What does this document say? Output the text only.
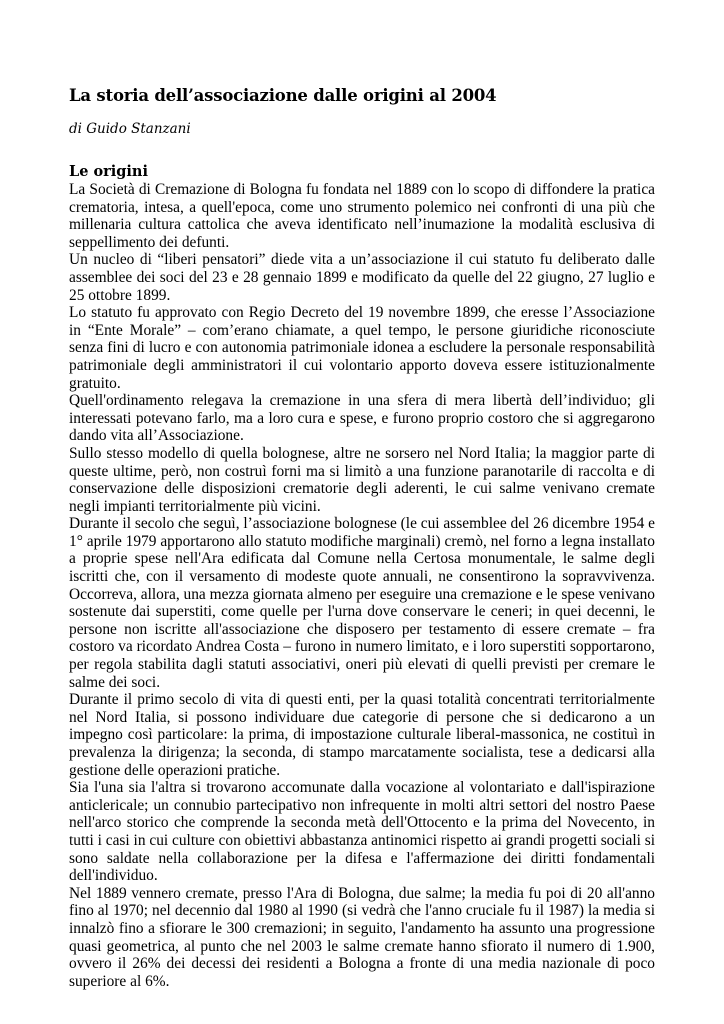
La storia dell’associazione dalle origini al 2004

di Guido Stanzani

Le origini

La Società di Cremazione di Bologna fu fondata nel 1889 con lo scopo di diffondere la pratica crematoria, intesa, a quell'epoca, come uno strumento polemico nei confronti di una più che millenaria cultura cattolica che aveva identificato nell’inumazione la modalità esclusiva di seppellimento dei defunti.

Un nucleo di “liberi pensatori” diede vita a un’associazione il cui statuto fu deliberato dalle assemblee dei soci del 23 e 28 gennaio 1899 e modificato da quelle del 22 giugno, 27 luglio e 25 ottobre 1899.

Lo statuto fu approvato con Regio Decreto del 19 novembre 1899, che eresse l’Associazione in “Ente Morale” – com’erano chiamate, a quel tempo, le persone giuridiche riconosciute senza fini di lucro e con autonomia patrimoniale idonea a escludere la personale responsabilità patrimoniale degli amministratori il cui volontario apporto doveva essere istituzionalmente gratuito.

Quell'ordinamento relegava la cremazione in una sfera di mera libertà dell’individuo; gli interessati potevano farlo, ma a loro cura e spese, e furono proprio costoro che si aggregarono dando vita all’Associazione.

Sullo stesso modello di quella bolognese, altre ne sorsero nel Nord Italia; la maggior parte di queste ultime, però, non costruì forni ma si limitò a una funzione paranotarile di raccolta e di conservazione delle disposizioni crematorie degli aderenti, le cui salme venivano cremate negli impianti territorialmente più vicini.

Durante il secolo che seguì, l’associazione bolognese (le cui assemblee del 26 dicembre 1954 e 1° aprile 1979 apportarono allo statuto modifiche marginali) cremò, nel forno a legna installato a proprie spese nell'Ara edificata dal Comune nella Certosa monumentale, le salme degli iscritti che, con il versamento di modeste quote annuali, ne consentirono la sopravvivenza. Occorreva, allora, una mezza giornata almeno per eseguire una cremazione e le spese venivano sostenute dai superstiti, come quelle per l'urna dove conservare le ceneri; in quei decenni, le persone non iscritte all'associazione che disposero per testamento di essere cremate – fra costoro va ricordato Andrea Costa – furono in numero limitato, e i loro superstiti sopportarono, per regola stabilita dagli statuti associativi, oneri più elevati di quelli previsti per cremare le salme dei soci.

Durante il primo secolo di vita di questi enti, per la quasi totalità concentrati territorialmente nel Nord Italia, si possono individuare due categorie di persone che si dedicarono a un impegno così particolare: la prima, di impostazione culturale liberal-massonica, ne costituì in prevalenza la dirigenza; la seconda, di stampo marcatamente socialista, tese a dedicarsi alla gestione delle operazioni pratiche.

Sia l'una sia l'altra si trovarono accomunate dalla vocazione al volontariato e dall'ispirazione anticlericale; un connubio partecipativo non infrequente in molti altri settori del nostro Paese nell'arco storico che comprende la seconda metà dell'Ottocento e la prima del Novecento, in tutti i casi in cui culture con obiettivi abbastanza antinomici rispetto ai grandi progetti sociali si sono saldate nella collaborazione per la difesa e l'affermazione dei diritti fondamentali dell'individuo.

Nel 1889 vennero cremate, presso l'Ara di Bologna, due salme; la media fu poi di 20 all'anno fino al 1970; nel decennio dal 1980 al 1990 (si vedrà che l'anno cruciale fu il 1987) la media si innalzò fino a sfiorare le 300 cremazioni; in seguito, l'andamento ha assunto una progressione quasi geometrica, al punto che nel 2003 le salme cremate hanno sfiorato il numero di 1.900, ovvero il 26% dei decessi dei residenti a Bologna a fronte di una media nazionale di poco superiore al 6%.
